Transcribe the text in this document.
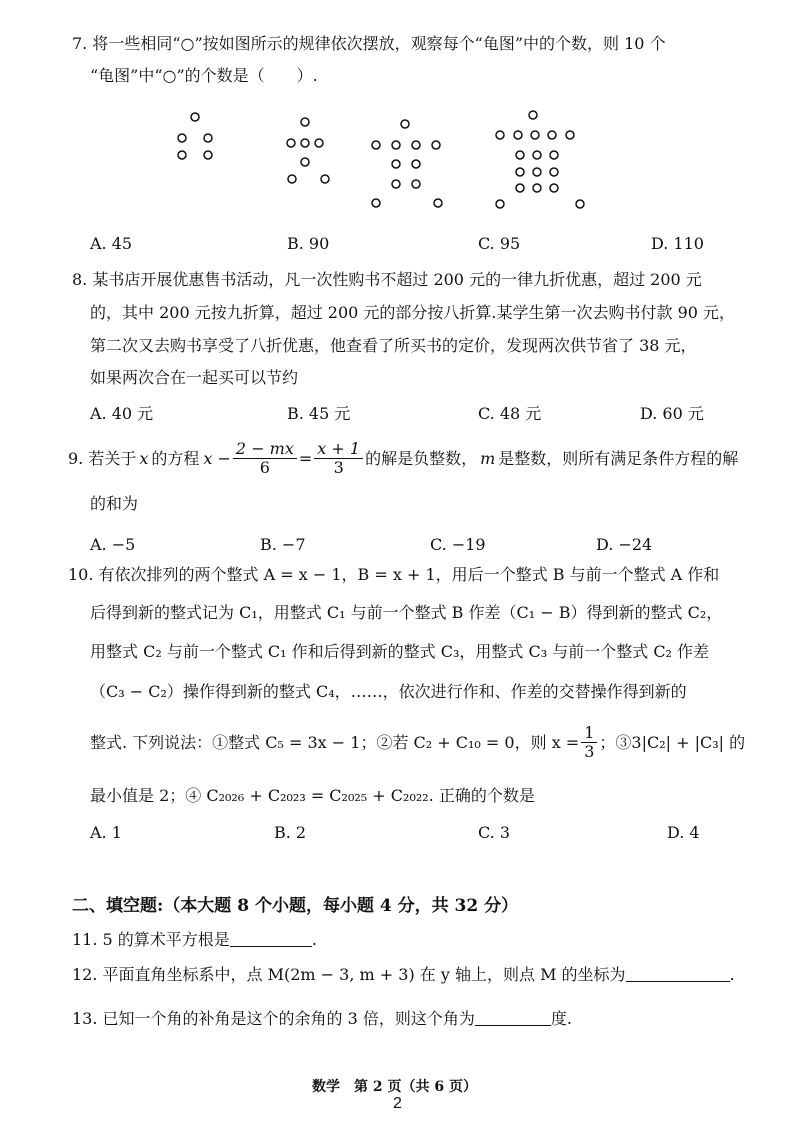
7. 将一些相同“○”按如图所示的规律依次摆放，观察每个“龟图”中的个数，则 10 个
“龟图”中“○”的个数是（　　）.
A. 45	B. 90	C. 95	D. 110
8. 某书店开展优惠售书活动，凡一次性购书不超过 200 元的一律九折优惠，超过 200 元
的，其中 200 元按九折算，超过 200 元的部分按八折算.某学生第一次去购书付款 90 元，
第二次又去购书享受了八折优惠，他查看了所买书的定价，发现两次供节省了 38 元，
如果两次合在一起买可以节约
A. 40 元	B. 45 元	C. 48 元	D. 60 元
9. 若关于 x 的方程 $x - \frac{2 - mx}{6} = \frac{x + 1}{3}$ 的解是负整数， m 是整数，则所有满足条件方程的解
的和为
A. −5	B. −7	C. −19	D. −24
10. 有依次排列的两个整式 A = x − 1，B = x + 1，用后一个整式 B 与前一个整式 A 作和
后得到新的整式记为 C₁，用整式 C₁ 与前一个整式 B 作差（C₁ − B）得到新的整式 C₂，
用整式 C₂ 与前一个整式 C₁ 作和后得到新的整式 C₃，用整式 C₃ 与前一个整式 C₂ 作差
（C₃ − C₂）操作得到新的整式 C₄，……，依次进行作和、作差的交替操作得到新的
整式. 下列说法：①整式 C₅ = 3x − 1；②若 C₂ + C₁₀ = 0，则 $x = \frac{1}{3}$ ；③3|C₂| + |C₃| 的
最小值是 2；④ C₂₀₂₆ + C₂₀₂₃ = C₂₀₂₅ + C₂₀₂₂. 正确的个数是
A. 1	B. 2	C. 3	D. 4
二、填空题:（本大题 8 个小题，每小题 4 分，共 32 分）
11. 5 的算术平方根是	.
12. 平面直角坐标系中，点 M(2m − 3, m + 3) 在 y 轴上，则点 M 的坐标为	.
13. 已知一个角的补角是这个的余角的 3 倍，则这个角为	度.
数学　第 2 页（共 6 页）
2
